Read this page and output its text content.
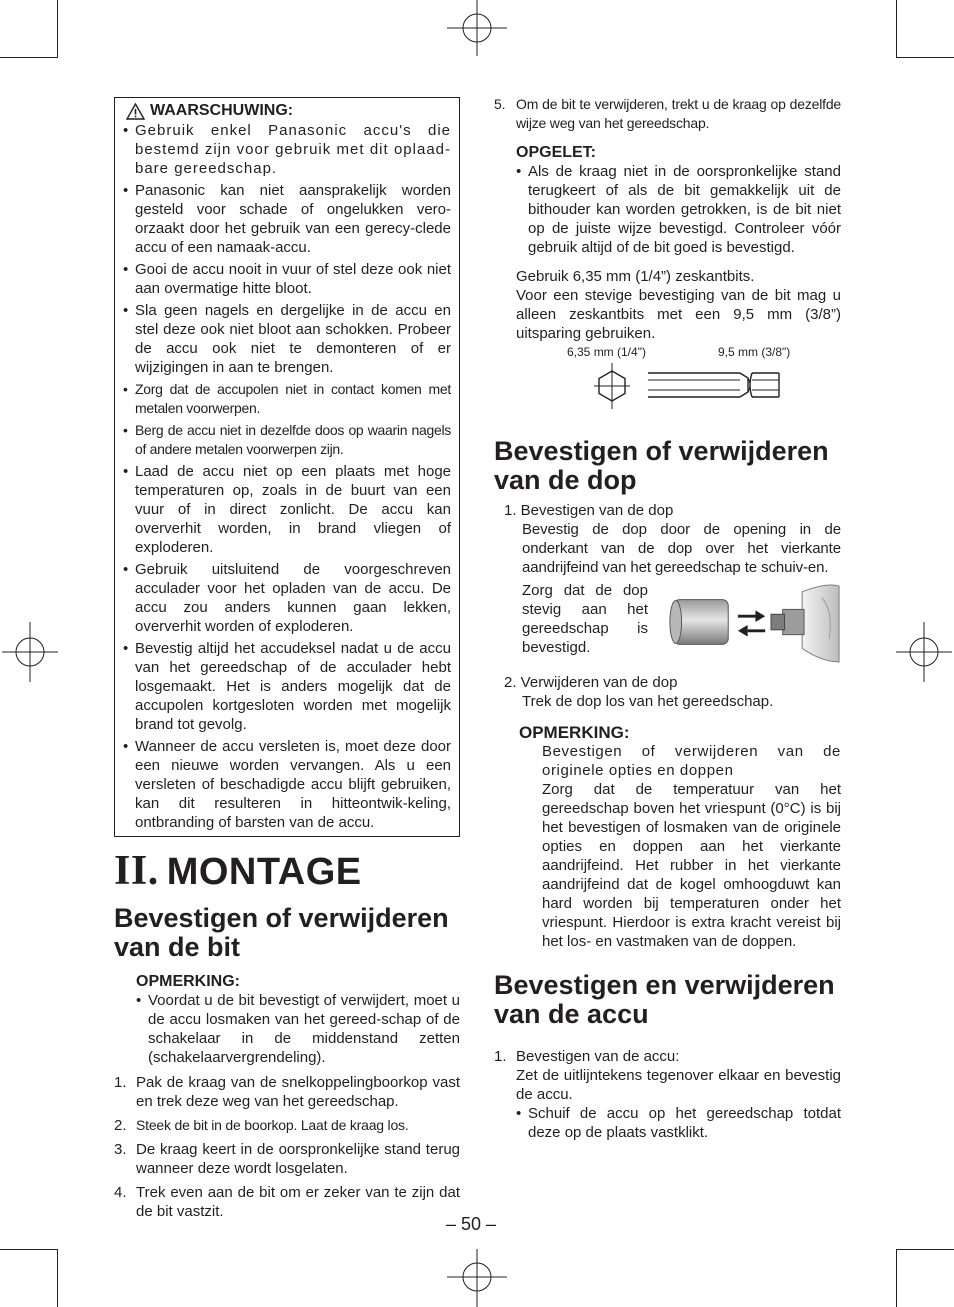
WAARSCHUWING:
• Gebruik enkel Panasonic accu's die bestemd zijn voor gebruik met dit oplaad-bare gereedschap.
• Panasonic kan niet aansprakelijk worden gesteld voor schade of ongelukken vero-orzaakt door het gebruik van een gerecy-clede accu of een namaak-accu.
• Gooi de accu nooit in vuur of stel deze ook niet aan overmatige hitte bloot.
• Sla geen nagels en dergelijke in de accu en stel deze ook niet bloot aan schokken. Probeer de accu ook niet te demonteren of er wijzigingen in aan te brengen.
• Zorg dat de accupolen niet in contact komen met metalen voorwerpen.
• Berg de accu niet in dezelfde doos op waarin nagels of andere metalen voorwerpen zijn.
• Laad de accu niet op een plaats met hoge temperaturen op, zoals in de buurt van een vuur of in direct zonlicht. De accu kan oververhit worden, in brand vliegen of exploderen.
• Gebruik uitsluitend de voorgeschreven acculader voor het opladen van de accu. De accu zou anders kunnen gaan lekken, oververhit worden of exploderen.
• Bevestig altijd het accudeksel nadat u de accu van het gereedschap of de acculader hebt losgemaakt. Het is anders mogelijk dat de accupolen kortgesloten worden met mogelijk brand tot gevolg.
• Wanneer de accu versleten is, moet deze door een nieuwe worden vervangen. Als u een versleten of beschadigde accu blijft gebruiken, kan dit resulteren in hitteontwik-keling, ontbranding of barsten van de accu.
II. MONTAGE
Bevestigen of verwijderen van de bit
OPMERKING:
• Voordat u de bit bevestigt of verwijdert, moet u de accu losmaken van het gereed-schap of de schakelaar in de middenstand zetten (schakelaarvergrendeling).
1. Pak de kraag van de snelkoppelingboorkop vast en trek deze weg van het gereedschap.
2. Steek de bit in de boorkop. Laat de kraag los.
3. De kraag keert in de oorspronkelijke stand terug wanneer deze wordt losgelaten.
4. Trek even aan de bit om er zeker van te zijn dat de bit vastzit.
5. Om de bit te verwijderen, trekt u de kraag op dezelfde wijze weg van het gereedschap.
OPGELET:
• Als de kraag niet in de oorspronkelijke stand terugkeert of als de bit gemakkelijk uit de bithouder kan worden getrokken, is de bit niet op de juiste wijze bevestigd. Controleer vóór gebruik altijd of de bit goed is bevestigd.
Gebruik 6,35 mm (1/4”) zeskantbits.
Voor een stevige bevestiging van de bit mag u alleen zeskantbits met een 9,5 mm (3/8”) uitsparing gebruiken.
6,35 mm (1/4")	9,5 mm (3/8")
Bevestigen of verwijderen van de dop
1. Bevestigen van de dop
Bevestig de dop door de opening in de onderkant van de dop over het vierkante aandrijfeind van het gereedschap te schuiv-en.
Zorg dat de dop stevig aan het gereedschap is bevestigd.
2. Verwijderen van de dop
Trek de dop los van het gereedschap.
OPMERKING:
Bevestigen of verwijderen van de originele opties en doppen
Zorg dat de temperatuur van het gereedschap boven het vriespunt (0°C) is bij het bevestigen of losmaken van de originele opties en doppen aan het vierkante aandrijfeind. Het rubber in het vierkante aandrijfeind dat de kogel omhoogduwt kan hard worden bij temperaturen onder het vriespunt. Hierdoor is extra kracht vereist bij het los- en vastmaken van de doppen.
Bevestigen en verwijderen van de accu
1. Bevestigen van de accu:
Zet de uitlijntekens tegenover elkaar en bevestig de accu.
• Schuif de accu op het gereedschap totdat deze op de plaats vastklikt.
– 50 –
